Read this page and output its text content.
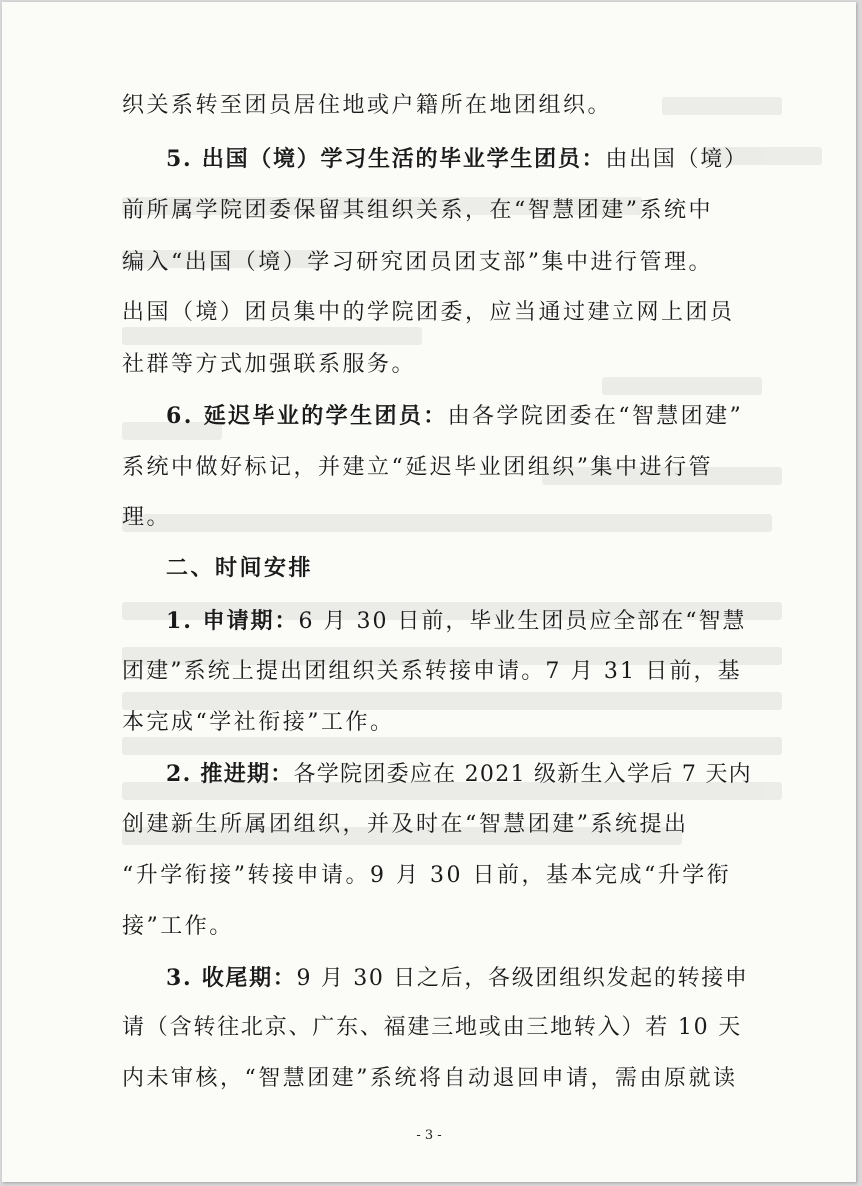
织关系转至团员居住地或户籍所在地团组织。
5. 出国（境）学习生活的毕业学生团员：由出国（境）
前所属学院团委保留其组织关系，在“智慧团建”系统中
编入“出国（境）学习研究团员团支部”集中进行管理。
出国（境）团员集中的学院团委，应当通过建立网上团员
社群等方式加强联系服务。
6. 延迟毕业的学生团员：由各学院团委在“智慧团建”
系统中做好标记，并建立“延迟毕业团组织”集中进行管
理。
二、时间安排
1. 申请期：6 月 30 日前，毕业生团员应全部在“智慧
团建”系统上提出团组织关系转接申请。7 月 31 日前，基
本完成“学社衔接”工作。
2. 推进期：各学院团委应在 2021 级新生入学后 7 天内
创建新生所属团组织，并及时在“智慧团建”系统提出
“升学衔接”转接申请。9 月 30 日前，基本完成“升学衔
接”工作。
3. 收尾期：9 月 30 日之后，各级团组织发起的转接申
请（含转往北京、广东、福建三地或由三地转入）若 10 天
内未审核，“智慧团建”系统将自动退回申请，需由原就读
- 3 -
